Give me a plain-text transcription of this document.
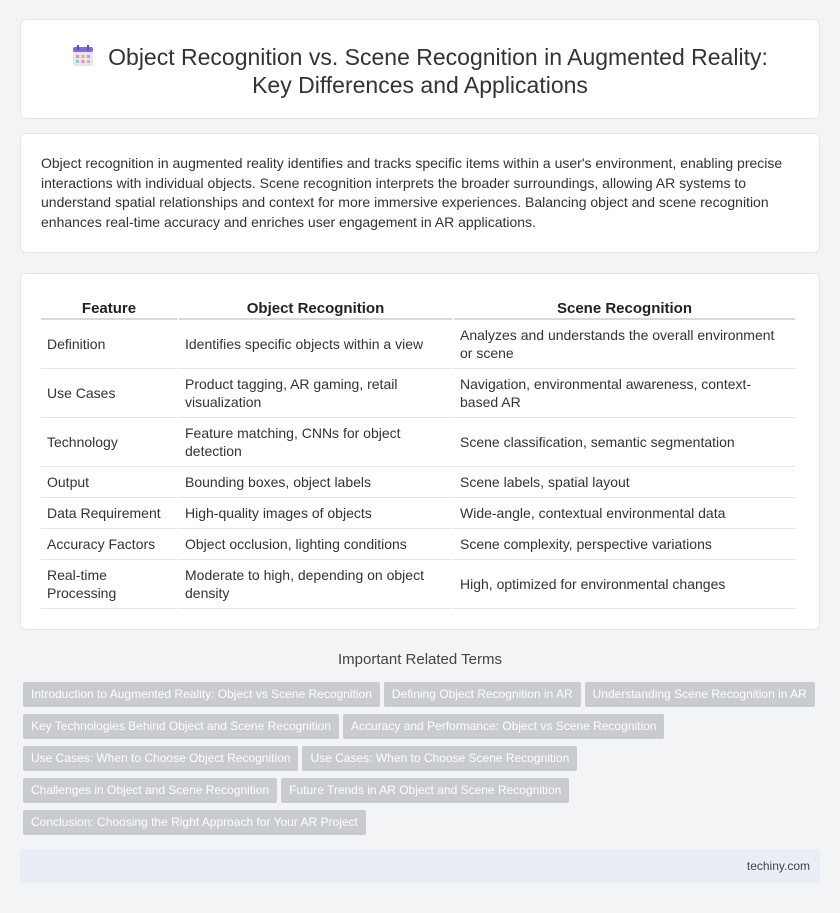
Object Recognition vs. Scene Recognition in Augmented Reality:
Key Differences and Applications

Object recognition in augmented reality identifies and tracks specific items within a user's environment, enabling precise interactions with individual objects. Scene recognition interprets the broader surroundings, allowing AR systems to understand spatial relationships and context for more immersive experiences. Balancing object and scene recognition enhances real-time accuracy and enriches user engagement in AR applications.

Feature	Object Recognition	Scene Recognition
Definition	Identifies specific objects within a view	Analyzes and understands the overall environment or scene
Use Cases	Product tagging, AR gaming, retail visualization	Navigation, environmental awareness, context-based AR
Technology	Feature matching, CNNs for object detection	Scene classification, semantic segmentation
Output	Bounding boxes, object labels	Scene labels, spatial layout
Data Requirement	High-quality images of objects	Wide-angle, contextual environmental data
Accuracy Factors	Object occlusion, lighting conditions	Scene complexity, perspective variations
Real-time Processing	Moderate to high, depending on object density	High, optimized for environmental changes
Important Related Terms
Introduction to Augmented Reality: Object vs Scene Recognition Defining Object Recognition in AR Understanding Scene Recognition in AR
Key Technologies Behind Object and Scene Recognition Accuracy and Performance: Object vs Scene Recognition
Use Cases: When to Choose Object Recognition Use Cases: When to Choose Scene Recognition
Challenges in Object and Scene Recognition Future Trends in AR Object and Scene Recognition
Conclusion: Choosing the Right Approach for Your AR Project
techiny.com
